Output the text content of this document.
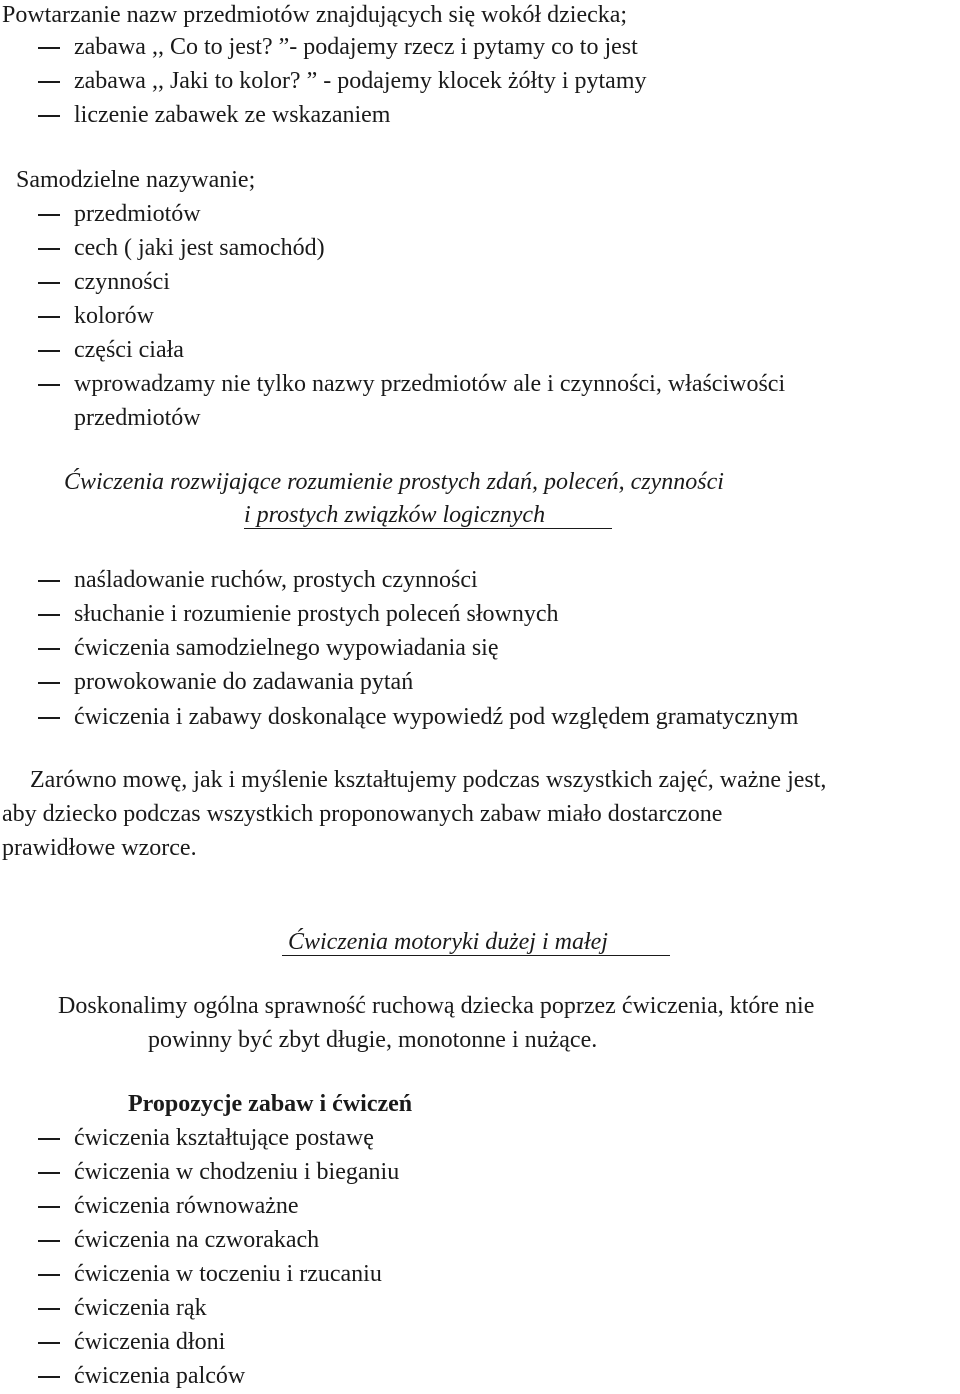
Powtarzanie nazw przedmiotów znajdujących się wokół dziecka;
zabawa ,, Co to jest? ”- podajemy rzecz i pytamy co to jest
zabawa ,, Jaki to kolor? ” - podajemy klocek żółty i pytamy
liczenie zabawek ze wskazaniem
Samodzielne nazywanie;
przedmiotów
cech ( jaki jest samochód)
czynności
kolorów
części ciała
wprowadzamy nie tylko nazwy przedmiotów ale i czynności, właściwości
przedmiotów
Ćwiczenia rozwijające rozumienie prostych zdań, poleceń, czynności
i prostych związków logicznych
naśladowanie ruchów, prostych czynności
słuchanie i rozumienie prostych poleceń słownych
ćwiczenia samodzielnego wypowiadania się
prowokowanie do zadawania pytań
ćwiczenia i zabawy doskonalące wypowiedź pod względem gramatycznym
Zarówno mowę, jak i myślenie kształtujemy podczas wszystkich zajęć, ważne jest,
aby dziecko podczas wszystkich proponowanych zabaw miało dostarczone
prawidłowe wzorce.
Ćwiczenia motoryki dużej i małej
Doskonalimy ogólna sprawność ruchową dziecka poprzez ćwiczenia, które nie
powinny być zbyt długie, monotonne i nużące.
Propozycje zabaw i ćwiczeń
ćwiczenia kształtujące postawę
ćwiczenia w chodzeniu i bieganiu
ćwiczenia równoważne
ćwiczenia na czworakach
ćwiczenia w toczeniu i rzucaniu
ćwiczenia rąk
ćwiczenia dłoni
ćwiczenia palców
